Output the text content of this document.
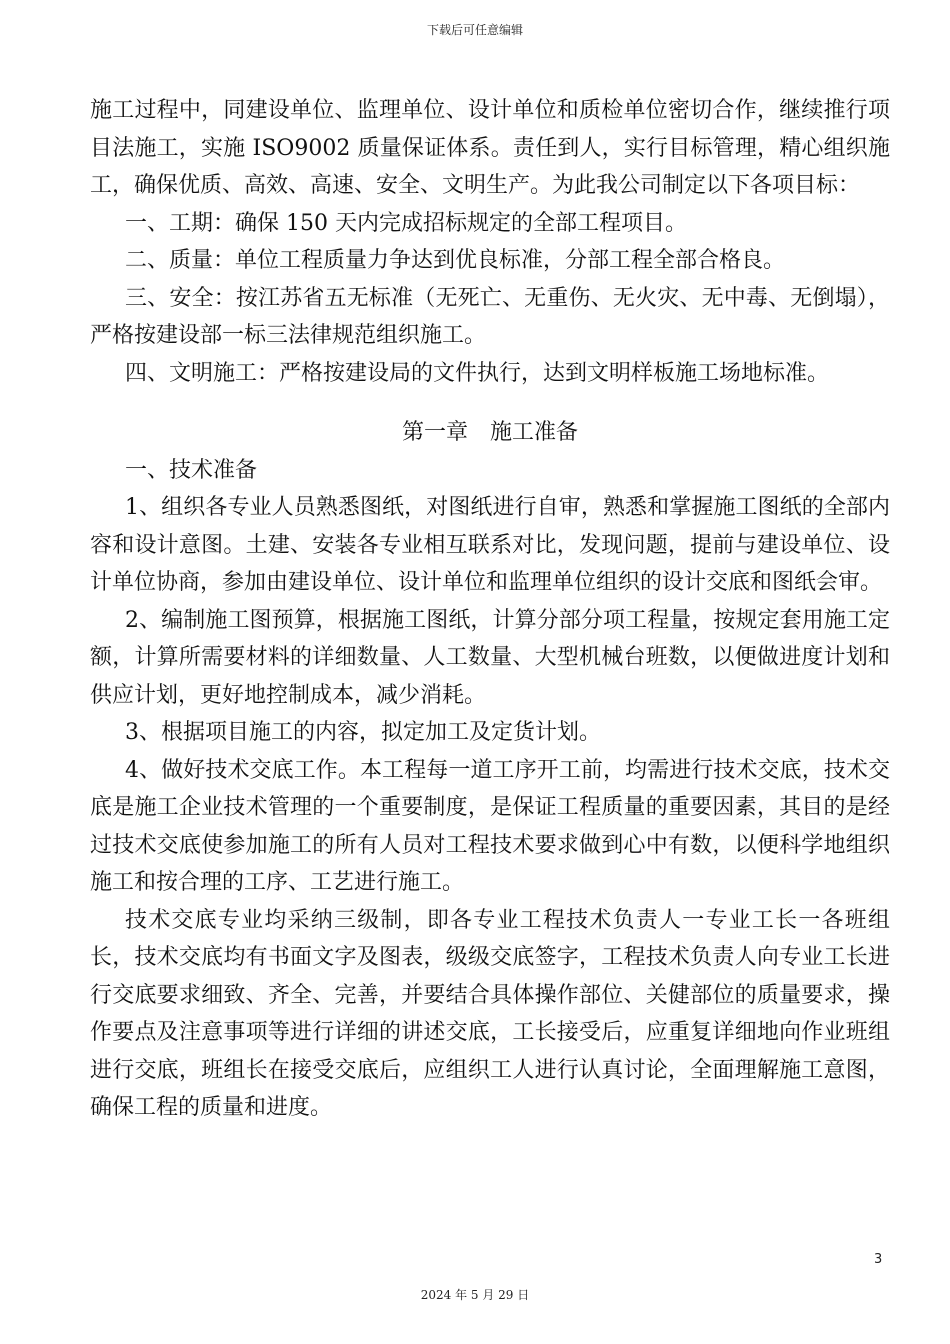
下载后可任意编辑

施工过程中，同建设单位、监理单位、设计单位和质检单位密切合作，继续推行项目法施工，实施 ISO9002 质量保证体系。责任到人，实行目标管理，精心组织施工，确保优质、高效、高速、安全、文明生产。为此我公司制定以下各项目标：

一、工期：确保 150 天内完成招标规定的全部工程项目。

二、质量：单位工程质量力争达到优良标准，分部工程全部合格良。

三、安全：按江苏省五无标准（无死亡、无重伤、无火灾、无中毒、无倒塌），严格按建设部一标三法律规范组织施工。

四、文明施工：严格按建设局的文件执行，达到文明样板施工场地标准。

第一章　施工准备

一、技术准备

1、组织各专业人员熟悉图纸，对图纸进行自审，熟悉和掌握施工图纸的全部内容和设计意图。土建、安装各专业相互联系对比，发现问题，提前与建设单位、设计单位协商，参加由建设单位、设计单位和监理单位组织的设计交底和图纸会审。

2、编制施工图预算，根据施工图纸，计算分部分项工程量，按规定套用施工定额，计算所需要材料的详细数量、人工数量、大型机械台班数，以便做进度计划和供应计划，更好地控制成本，减少消耗。

3、根据项目施工的内容，拟定加工及定货计划。

4、做好技术交底工作。本工程每一道工序开工前，均需进行技术交底，技术交底是施工企业技术管理的一个重要制度，是保证工程质量的重要因素，其目的是经过技术交底使参加施工的所有人员对工程技术要求做到心中有数，以便科学地组织施工和按合理的工序、工艺进行施工。

技术交底专业均采纳三级制，即各专业工程技术负责人一专业工长一各班组长，技术交底均有书面文字及图表，级级交底签字，工程技术负责人向专业工长进行交底要求细致、齐全、完善，并要结合具体操作部位、关健部位的质量要求，操作要点及注意事项等进行详细的讲述交底，工长接受后，应重复详细地向作业班组进行交底，班组长在接受交底后，应组织工人进行认真讨论，全面理解施工意图，确保工程的质量和进度。

3
2024 年 5 月 29 日
